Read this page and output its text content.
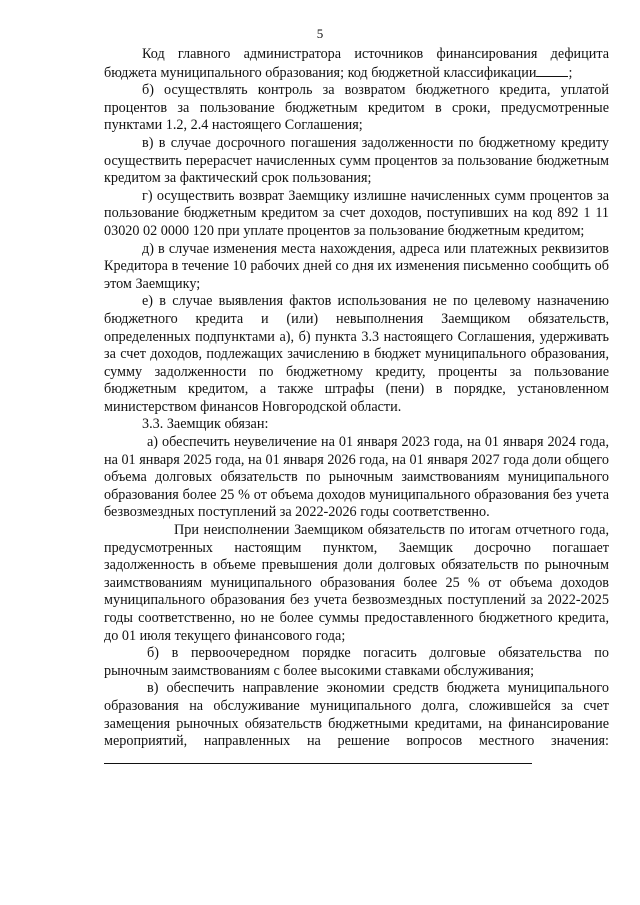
5

Код главного администратора источников финансирования дефицита бюджета муниципального образования; код бюджетной классификации ;

б) осуществлять контроль за возвратом бюджетного кредита, уплатой процентов за пользование бюджетным кредитом в сроки, предусмотренные пунктами 1.2, 2.4 настоящего Соглашения;

в) в случае досрочного погашения задолженности по бюджетному кредиту осуществить перерасчет начисленных сумм процентов за пользование бюджетным кредитом за фактический срок пользования;

г) осуществить возврат Заемщику излишне начисленных сумм процентов за пользование бюджетным кредитом за счет доходов, поступивших на код 892 1 11 03020 02 0000 120 при уплате процентов за пользование бюджетным кредитом;

д) в случае изменения места нахождения, адреса или платежных реквизитов Кредитора в течение 10 рабочих дней со дня их изменения письменно сообщить об этом Заемщику;

е) в случае выявления фактов использования не по целевому назначению бюджетного кредита и (или) невыполнения Заемщиком обязательств, определенных подпунктами а), б) пункта 3.3 настоящего Соглашения, удерживать за счет доходов, подлежащих зачислению в бюджет муниципального образования, сумму задолженности по бюджетному кредиту, проценты за пользование бюджетным кредитом, а также штрафы (пени) в порядке, установленном министерством финансов Новгородской области.

3.3. Заемщик обязан:

а) обеспечить неувеличение на 01 января 2023 года, на 01 января 2024 года, на 01 января 2025 года, на 01 января 2026 года, на 01 января 2027 года доли общего объема долговых обязательств по рыночным заимствованиям муниципального образования более 25 % от объема доходов муниципального образования без учета безвозмездных поступлений за 2022-2026 годы соответственно.

При неисполнении Заемщиком обязательств по итогам отчетного года, предусмотренных настоящим пунктом, Заемщик досрочно погашает задолженность в объеме превышения доли долговых обязательств по рыночным заимствованиям муниципального образования более 25 % от объема доходов муниципального образования без учета безвозмездных поступлений за 2022-2025 годы соответственно, но не более суммы предоставленного бюджетного кредита, до 01 июля текущего финансового года;

б) в первоочередном порядке погасить долговые обязательства по рыночным заимствованиям с более высокими ставками обслуживания;

в) обеспечить направление экономии средств бюджета муниципального образования на обслуживание муниципального долга, сложившейся за счет замещения рыночных обязательств бюджетными кредитами, на финансирование мероприятий, направленных на решение вопросов местного значения:
